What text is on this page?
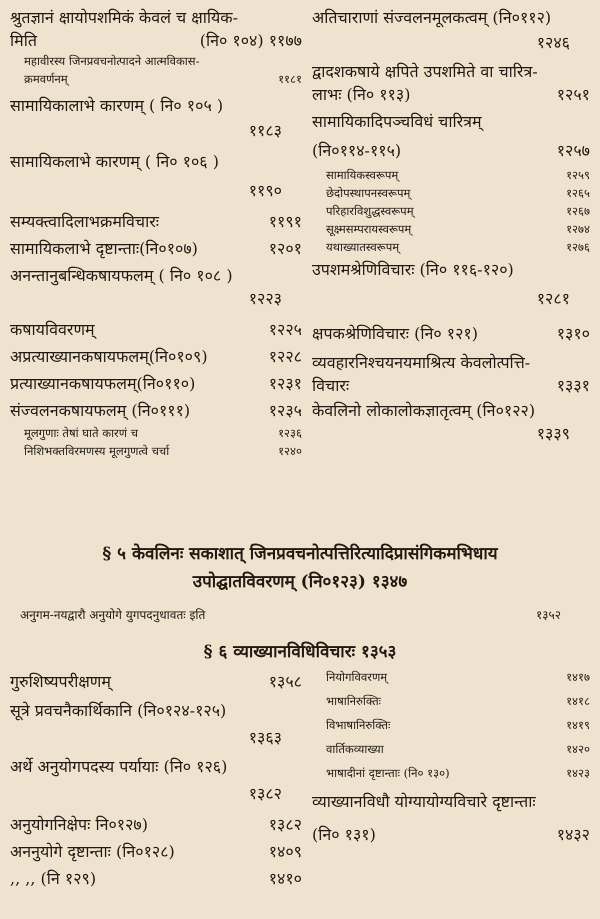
श्रुतज्ञानं क्षायोपशमिकं केवलं च क्षायिक-
मिति	(नि० १०४) ११७७
महावीरस्य जिनप्रवचनोत्पादने आत्मविकास-
क्रमवर्णनम्	११८१
सामायिकालाभे कारणम् ( नि० १०५ )
११८३
सामायिकलाभे कारणम् ( नि० १०६ )
११९०
सम्यक्त्वादिलाभक्रमविचारः	११९१
सामायिकलाभे दृष्टान्ताः(नि०१०७)	१२०१
अनन्तानुबन्धिकषायफलम् ( नि० १०८ )
१२२३
कषायविवरणम्	१२२५
अप्रत्याख्यानकषायफलम्(नि०१०९)	१२२८
प्रत्याख्यानकषायफलम्(नि०११०)	१२३१
संज्वलनकषायफलम् (नि०१११)	१२३५
मूलगुणाः तेषां घाते कारणं च	१२३६
निशिभक्तविरमणस्य मूलगुणत्वे चर्चा	१२४०
अतिचाराणां संज्वलनमूलकत्वम् (नि०११२)
१२४६
द्वादशकषाये क्षपिते उपशमिते वा चारित्र-
लाभः (नि० ११३)	१२५१
सामायिकादिपञ्चविधं चारित्रम्
(नि०११४-११५)	१२५७
सामायिकस्वरूपम्	१२५९
छेदोपस्थापनस्वरूपम्	१२६५
परिहारविशुद्धस्वरूपम्	१२६७
सूक्ष्मसम्परायस्वरूपम्	१२७४
यथाख्यातस्वरूपम्	१२७६
उपशमश्रेणिविचारः (नि० ११६-१२०)
१२८१
क्षपकश्रेणिविचारः (नि० १२१)	१३१०
व्यवहारनिश्चयनयमाश्रित्य केवलोत्पत्ति-
विचारः	१३३१
केवलिनो लोकालोकज्ञातृत्वम् (नि०१२२)
१३३९
§ ५ केवलिनः सकाशात् जिनप्रवचनोत्पत्तिरित्यादिप्रासंगिकमभिधाय
उपोद्घातविवरणम् (नि०१२३) १३४७
अनुगम-नयद्वारौ अनुयोगे युगपदनुधावतः इति	१३५२
§ ६ व्याख्यानविधिविचारः १३५३
गुरुशिष्यपरीक्षणम्	१३५८
सूत्रे प्रवचनैकार्थिकानि (नि०१२४-१२५)
१३६३
अर्थे अनुयोगपदस्य पर्यायाः (नि० १२६)
१३८२
अनुयोगनिक्षेपः नि०१२७)	१३८२
अननुयोगे दृष्टान्ताः (नि०१२८)	१४०९
,, ,, (नि १२९)	१४१०
नियोगविवरणम्	१४१७
भाषानिरुक्तिः	१४१८
विभाषानिरुक्तिः	१४१९
वार्तिकव्याख्या	१४२०
भाषादीनां दृष्टान्ताः (नि० १३०)	१४२३
व्याख्यानविधौ योग्यायोग्यविचारे दृष्टान्ताः
(नि० १३१)	१४३२
